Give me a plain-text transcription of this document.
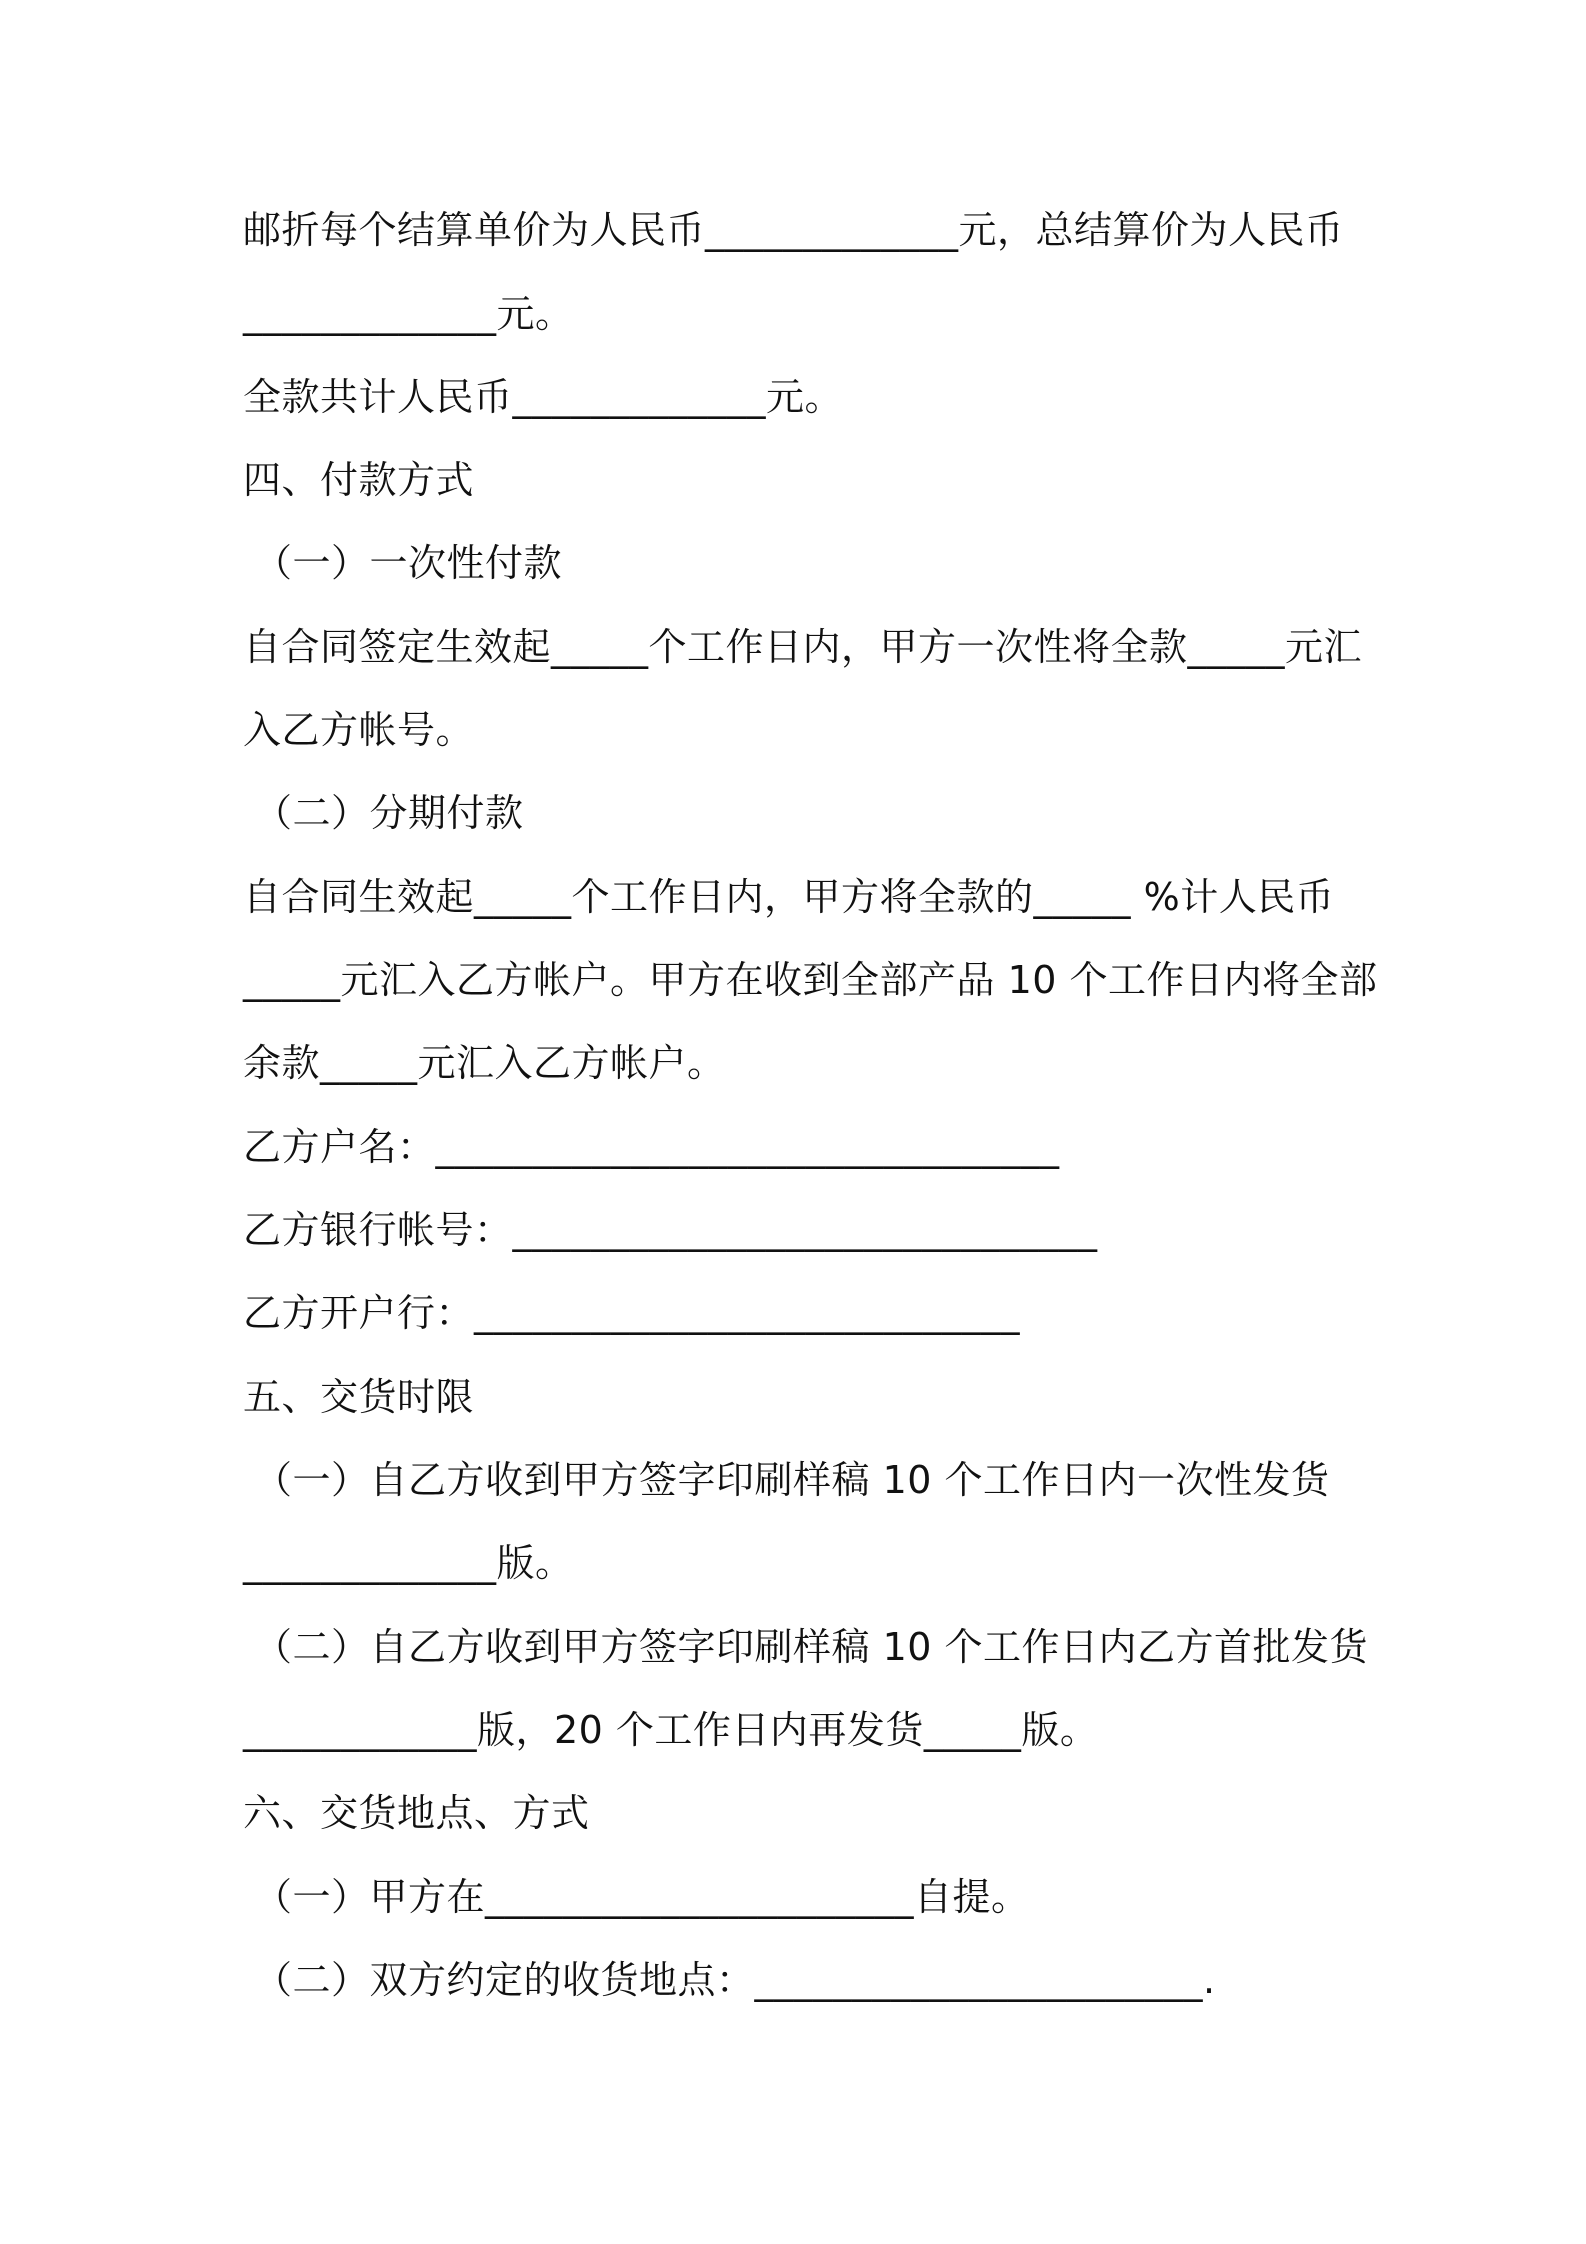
邮折每个结算单价为人民币_____________元，总结算价为人民币
_____________元。
全款共计人民币_____________元。
四、付款方式
（一）一次性付款
自合同签定生效起_____个工作日内，甲方一次性将全款_____元汇
入乙方帐号。
（二）分期付款
自合同生效起_____个工作日内，甲方将全款的_____ %计人民币
_____元汇入乙方帐户。甲方在收到全部产品 10 个工作日内将全部
余款_____元汇入乙方帐户。
乙方户名：________________________________
乙方银行帐号：______________________________
乙方开户行：____________________________
五、交货时限
（一）自乙方收到甲方签字印刷样稿 10 个工作日内一次性发货
_____________版。
（二）自乙方收到甲方签字印刷样稿 10 个工作日内乙方首批发货
____________版，20 个工作日内再发货_____版。
六、交货地点、方式
（一）甲方在______________________自提。
（二）双方约定的收货地点：_______________________.
